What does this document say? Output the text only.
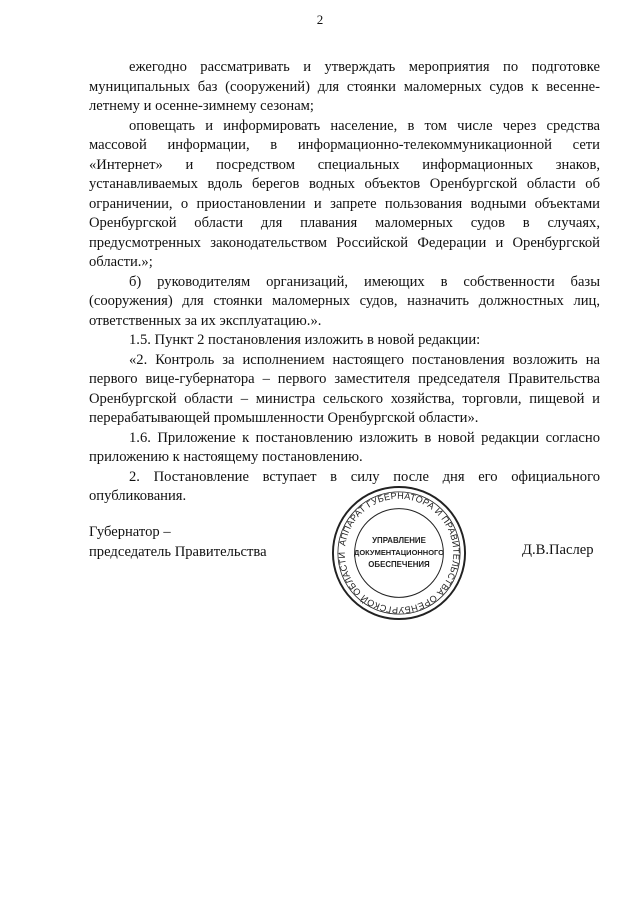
2

ежегодно рассматривать и утверждать мероприятия по подготовке муниципальных баз (сооружений) для стоянки маломерных судов к весенне-летнему и осенне-зимнему сезонам;

оповещать и информировать население, в том числе через средства массовой информации, в информационно-телекоммуникационной сети «Интернет» и посредством специальных информационных знаков, устанавливаемых вдоль берегов водных объектов Оренбургской области об ограничении, о приостановлении и запрете пользования водными объектами Оренбургской области для плавания маломерных судов в случаях, предусмотренных законодательством Российской Федерации и Оренбургской области.»;

б) руководителям организаций, имеющих в собственности базы (сооружения) для стоянки маломерных судов, назначить должностных лиц, ответственных за их эксплуатацию.».

1.5. Пункт 2 постановления изложить в новой редакции:

«2. Контроль за исполнением настоящего постановления возложить на первого вице-губернатора – первого заместителя председателя Правительства Оренбургской области – министра сельского хозяйства, торговли, пищевой и перерабатывающей промышленности Оренбургской области».

1.6. Приложение к постановлению изложить в новой редакции согласно приложению к настоящему постановлению.

2. Постановление вступает в силу после дня его официального опубликования.

Губернатор –
председатель Правительства
АППАРАТ ГУБЕРНАТОРА И ПРАВИТЕЛЬСТВА ОРЕНБУРГСКОЙ ОБЛАСТИ
УПРАВЛЕНИЕ
ДОКУМЕНТАЦИОННОГО
ОБЕСПЕЧЕНИЯ
Д.В.Паслер
